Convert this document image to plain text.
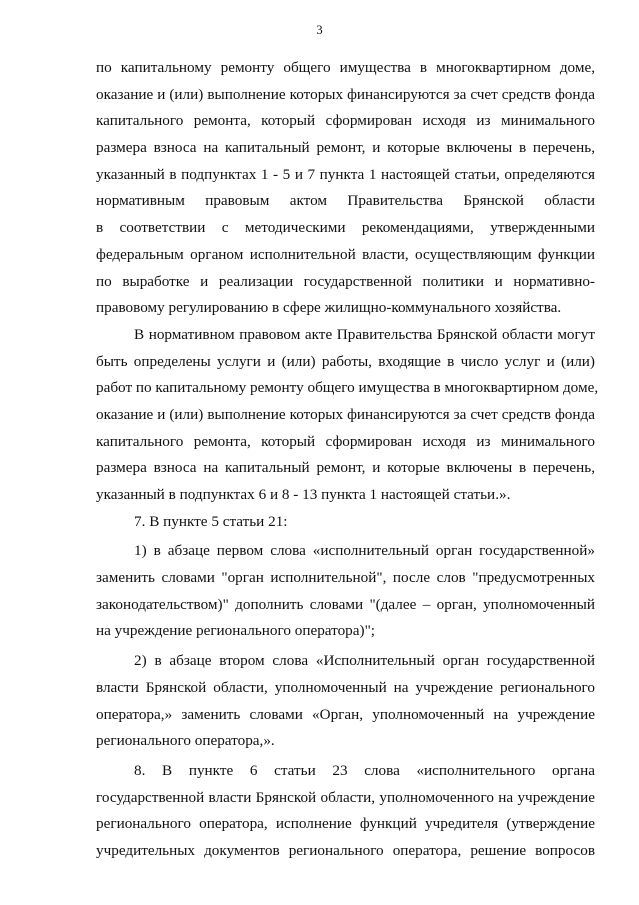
3
по капитальному ремонту общего имущества в многоквартирном доме,
оказание и (или) выполнение которых финансируются за счет средств фонда
капитального ремонта, который сформирован исходя из минимального
размера взноса на капитальный ремонт, и которые включены в перечень,
указанный в подпунктах 1 - 5 и 7 пункта 1 настоящей статьи, определяются
нормативным правовым актом Правительства Брянской области
в соответствии с методическими рекомендациями, утвержденными
федеральным органом исполнительной власти, осуществляющим функции
по выработке и реализации государственной политики и нормативно-
правовому регулированию в сфере жилищно-коммунального хозяйства.
В нормативном правовом акте Правительства Брянской области могут
быть определены услуги и (или) работы, входящие в число услуг и (или)
работ по капитальному ремонту общего имущества в многоквартирном доме,
оказание и (или) выполнение которых финансируются за счет средств фонда
капитального ремонта, который сформирован исходя из минимального
размера взноса на капитальный ремонт, и которые включены в перечень,
указанный в подпунктах 6 и 8 - 13 пункта 1 настоящей статьи.».
7. В пункте 5 статьи 21:
1) в абзаце первом слова «исполнительный орган государственной»
заменить словами "орган исполнительной", после слов "предусмотренных
законодательством)" дополнить словами "(далее – орган, уполномоченный
на учреждение регионального оператора)";
2) в абзаце втором слова «Исполнительный орган государственной
власти Брянской области, уполномоченный на учреждение регионального
оператора,» заменить словами «Орган, уполномоченный на учреждение
регионального оператора,».
8. В пункте 6 статьи 23 слова «исполнительного органа
государственной власти Брянской области, уполномоченного на учреждение
регионального оператора, исполнение функций учредителя (утверждение
учредительных документов регионального оператора, решение вопросов
